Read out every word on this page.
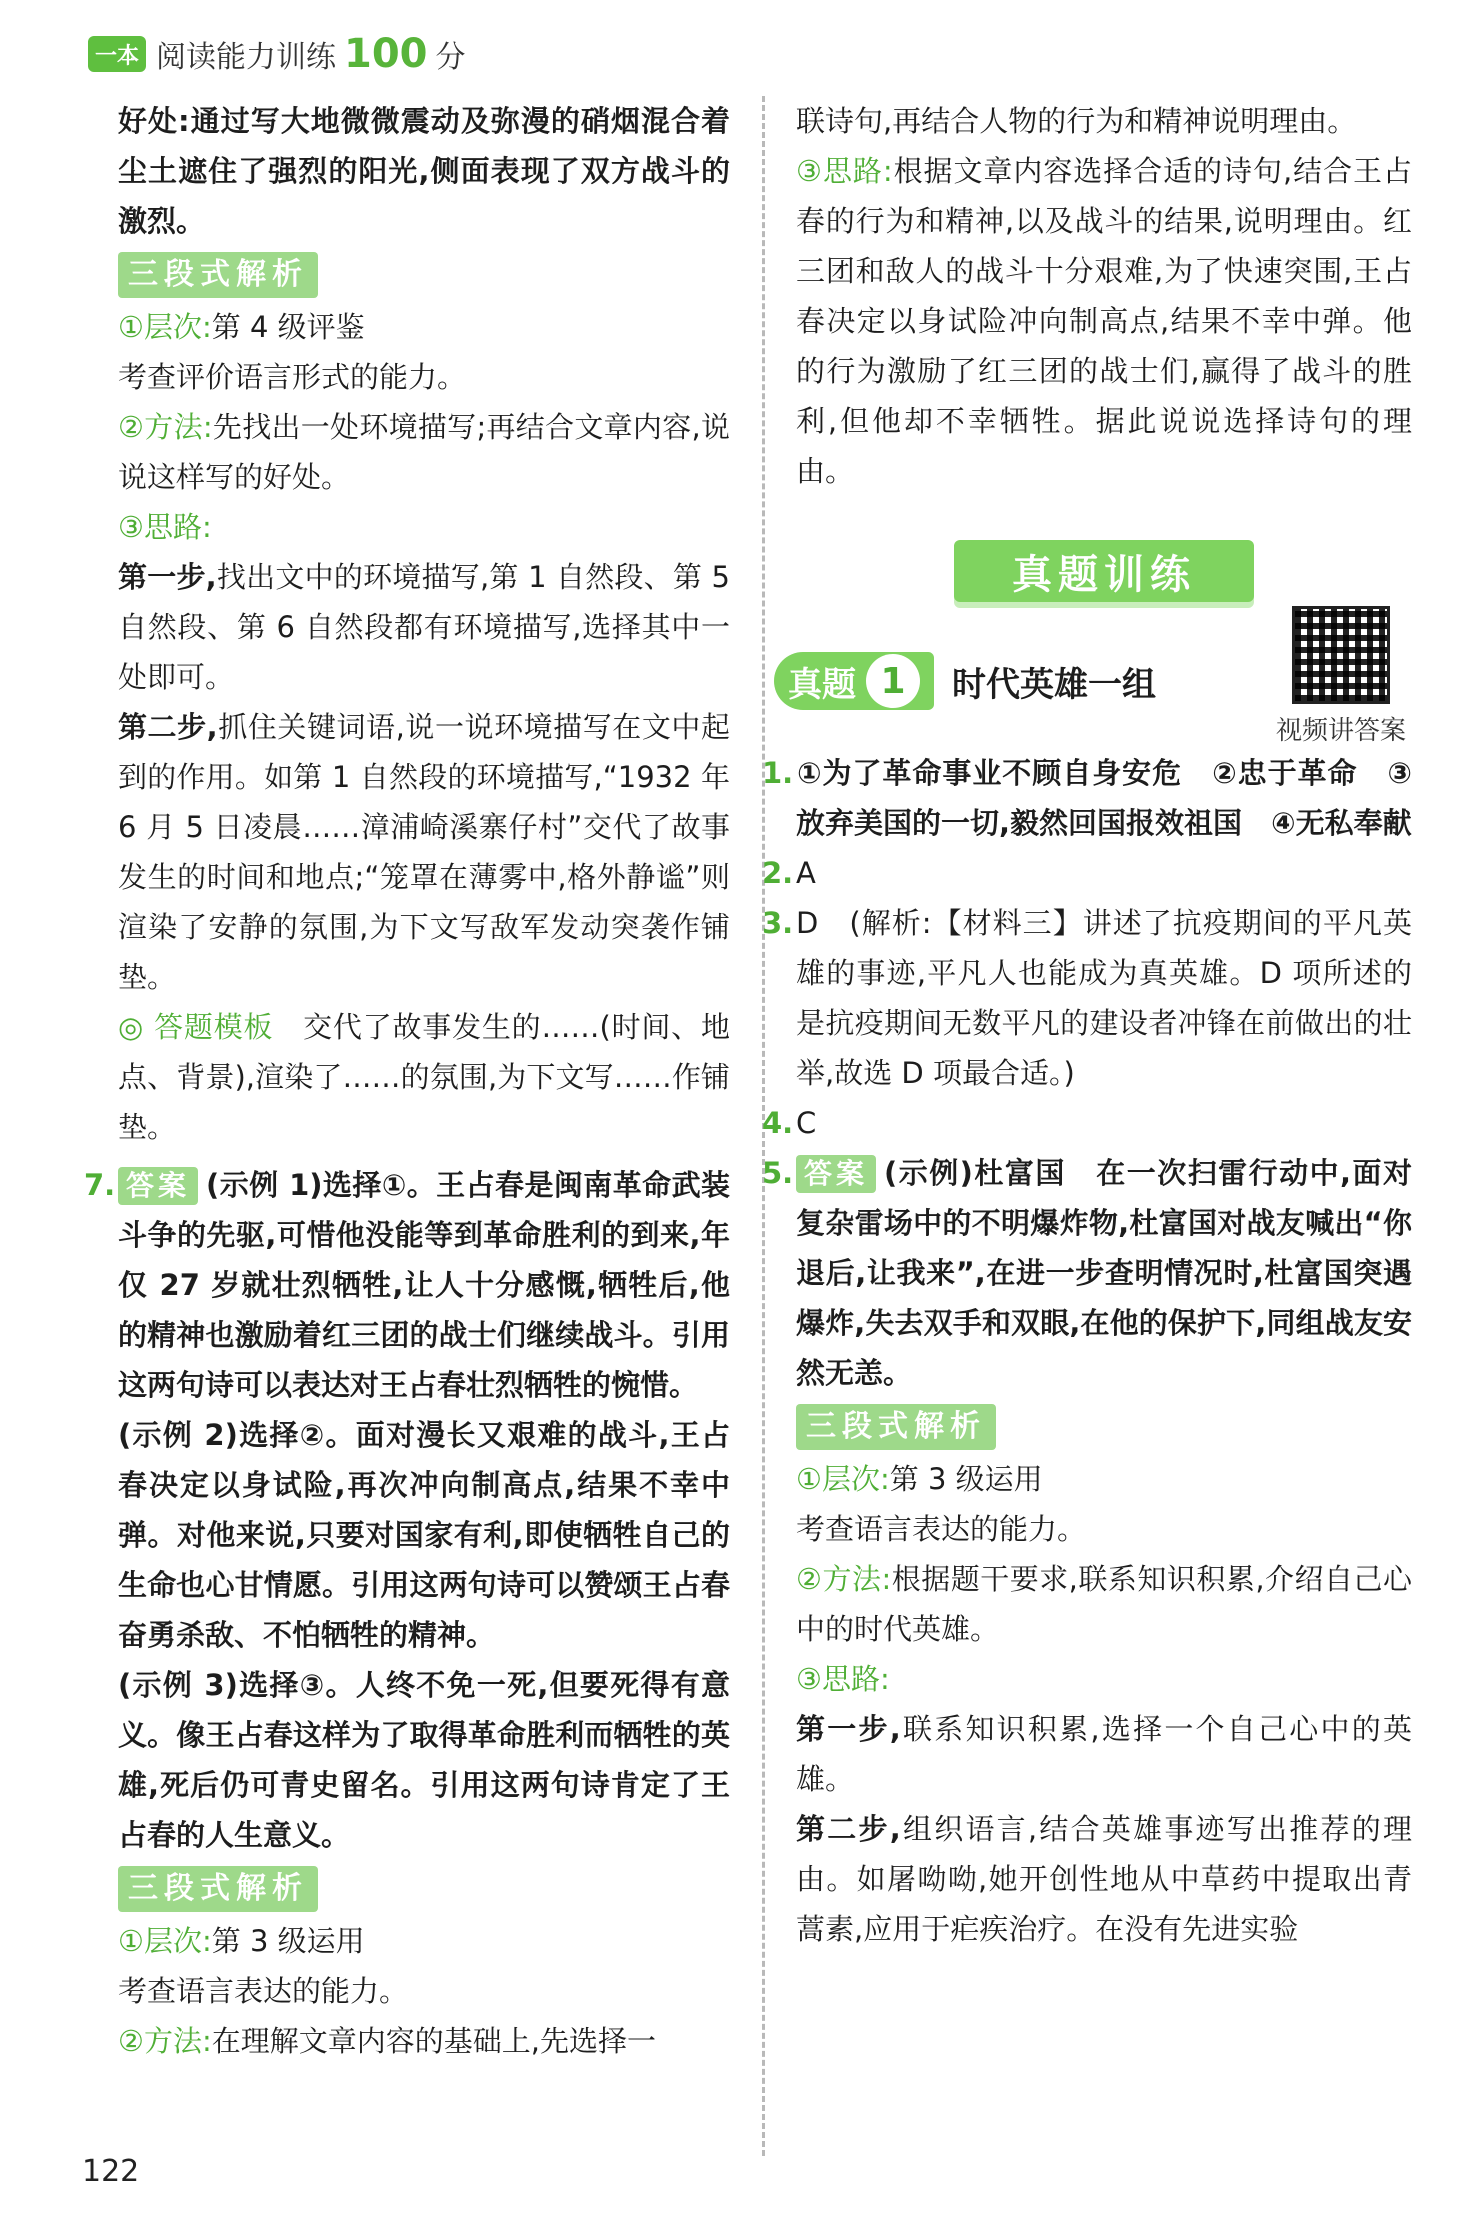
一本 阅读能力训练 100 分

好处:通过写大地微微震动及弥漫的硝烟混合着尘土遮住了强烈的阳光,侧面表现了双方战斗的激烈。

三段式解析

①层次:第 4 级评鉴

考查评价语言形式的能力。

②方法:先找出一处环境描写;再结合文章内容,说说这样写的好处。

③思路:

第一步,找出文中的环境描写,第 1 自然段、第 5 自然段、第 6 自然段都有环境描写,选择其中一处即可。

第二步,抓住关键词语,说一说环境描写在文中起到的作用。如第 1 自然段的环境描写,“1932 年 6 月 5 日凌晨……漳浦崎溪寨仔村”交代了故事发生的时间和地点;“笼罩在薄雾中,格外静谧”则渲染了安静的氛围,为下文写敌军发动突袭作铺垫。

◎ 答题模板　 交代了故事发生的……(时间、地点、背景),渲染了……的氛围,为下文写……作铺垫。

7. 答案 (示例 1)选择①。王占春是闽南革命武装斗争的先驱,可惜他没能等到革命胜利的到来,年仅 27 岁就壮烈牺牲,让人十分感慨,牺牲后,他的精神也激励着红三团的战士们继续战斗。引用这两句诗可以表达对王占春壮烈牺牲的惋惜。

(示例 2)选择②。面对漫长又艰难的战斗,王占春决定以身试险,再次冲向制高点,结果不幸中弹。对他来说,只要对国家有利,即使牺牲自己的生命也心甘情愿。引用这两句诗可以赞颂王占春奋勇杀敌、不怕牺牲的精神。

(示例 3)选择③。人终不免一死,但要死得有意义。像王占春这样为了取得革命胜利而牺牲的英雄,死后仍可青史留名。引用这两句诗肯定了王占春的人生意义。

三段式解析

①层次:第 3 级运用

考查语言表达的能力。

②方法:在理解文章内容的基础上,先选择一

联诗句,再结合人物的行为和精神说明理由。

③思路:根据文章内容选择合适的诗句,结合王占春的行为和精神,以及战斗的结果,说明理由。红三团和敌人的战斗十分艰难,为了快速突围,王占春决定以身试险冲向制高点,结果不幸中弹。他的行为激励了红三团的战士们,赢得了战斗的胜利,但他却不幸牺牲。据此说说选择诗句的理由。

真题训练
真题 1	时代英雄一组
视频讲答案

1.①为了革命事业不顾自身安危　②忠于革命　③放弃美国的一切,毅然回国报效祖国　④无私奉献

2.A

3.D　(解析:【材料三】讲述了抗疫期间的平凡英雄的事迹,平凡人也能成为真英雄。D 项所述的是抗疫期间无数平凡的建设者冲锋在前做出的壮举,故选 D 项最合适。)

4.C

5. 答案 (示例)杜富国　在一次扫雷行动中,面对复杂雷场中的不明爆炸物,杜富国对战友喊出“你退后,让我来”,在进一步查明情况时,杜富国突遇爆炸,失去双手和双眼,在他的保护下,同组战友安然无恙。

三段式解析

①层次:第 3 级运用

考查语言表达的能力。

②方法:根据题干要求,联系知识积累,介绍自己心中的时代英雄。

③思路:

第一步,联系知识积累,选择一个自己心中的英雄。

第二步,组织语言,结合英雄事迹写出推荐的理由。如屠呦呦,她开创性地从中草药中提取出青蒿素,应用于疟疾治疗。在没有先进实验

122
